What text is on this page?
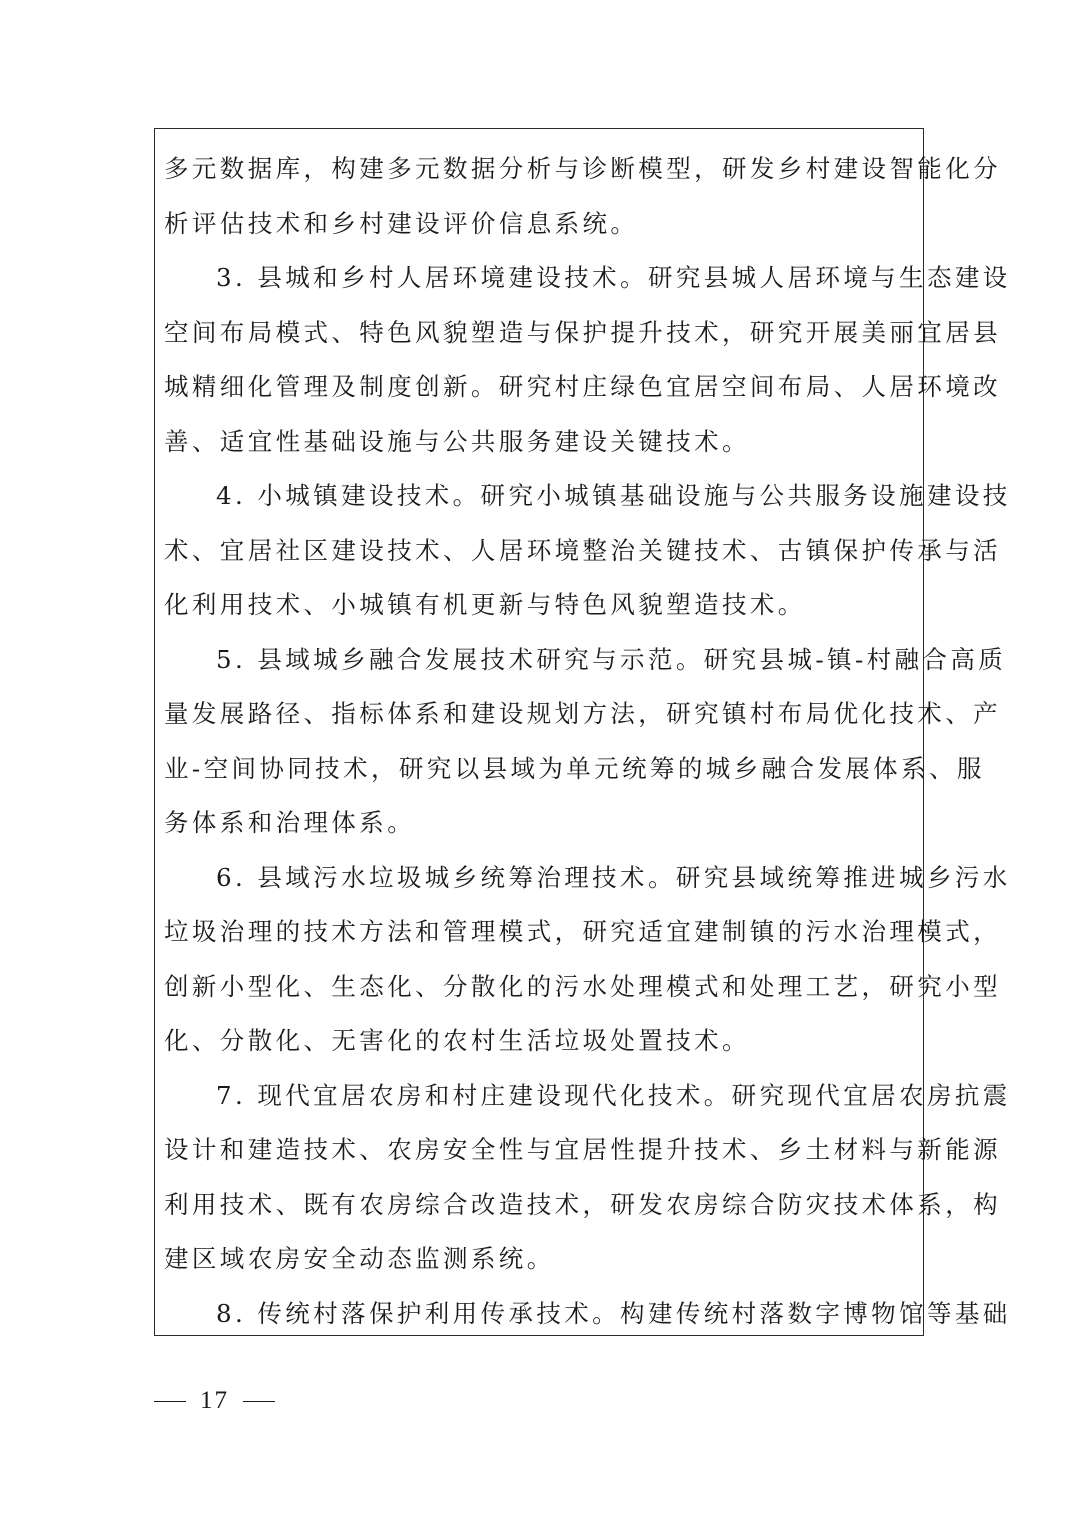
多元数据库，构建多元数据分析与诊断模型，研发乡村建设智能化分
析评估技术和乡村建设评价信息系统。
3. 县城和乡村人居环境建设技术。研究县城人居环境与生态建设
空间布局模式、特色风貌塑造与保护提升技术，研究开展美丽宜居县
城精细化管理及制度创新。研究村庄绿色宜居空间布局、人居环境改
善、适宜性基础设施与公共服务建设关键技术。
4. 小城镇建设技术。研究小城镇基础设施与公共服务设施建设技
术、宜居社区建设技术、人居环境整治关键技术、古镇保护传承与活
化利用技术、小城镇有机更新与特色风貌塑造技术。
5. 县域城乡融合发展技术研究与示范。研究县城-镇-村融合高质
量发展路径、指标体系和建设规划方法，研究镇村布局优化技术、产
业-空间协同技术，研究以县域为单元统筹的城乡融合发展体系、服
务体系和治理体系。
6. 县域污水垃圾城乡统筹治理技术。研究县域统筹推进城乡污水
垃圾治理的技术方法和管理模式，研究适宜建制镇的污水治理模式，
创新小型化、生态化、分散化的污水处理模式和处理工艺，研究小型
化、分散化、无害化的农村生活垃圾处置技术。
7. 现代宜居农房和村庄建设现代化技术。研究现代宜居农房抗震
设计和建造技术、农房安全性与宜居性提升技术、乡土材料与新能源
利用技术、既有农房综合改造技术，研发农房综合防灾技术体系，构
建区域农房安全动态监测系统。
8. 传统村落保护利用传承技术。构建传统村落数字博物馆等基础
17
